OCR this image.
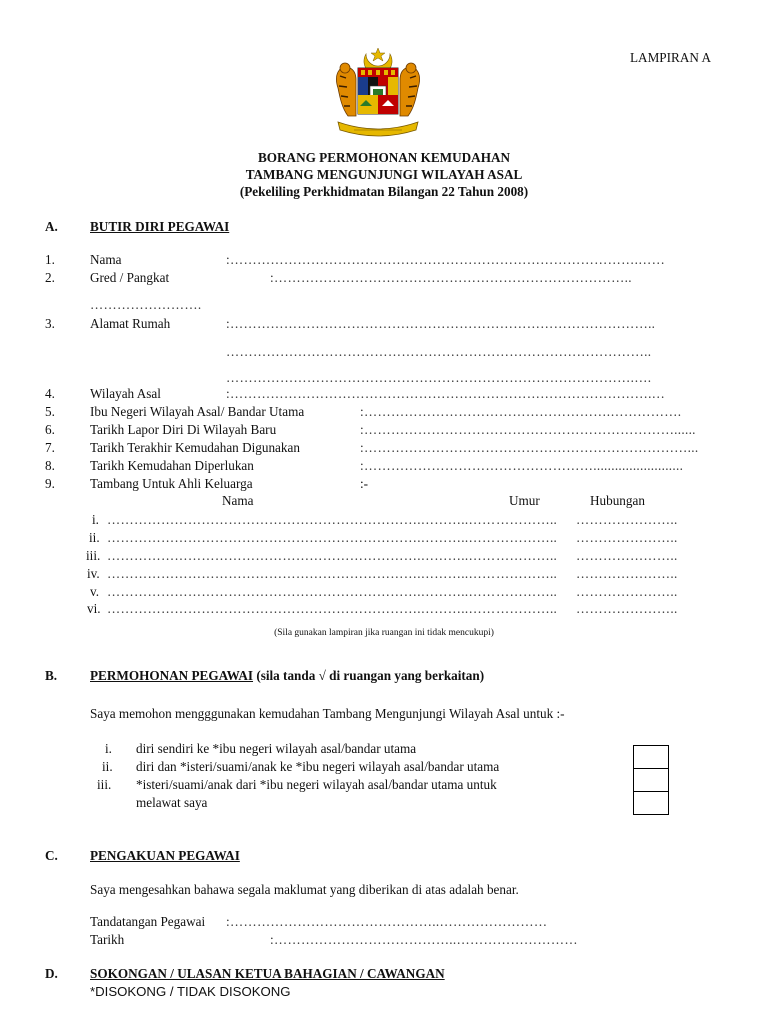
LAMPIRAN A
BORANG PERMOHONAN KEMUDAHAN
TAMBANG MENGUNJUNGI WILAYAH ASAL
(Pekeliling Perkhidmatan Bilangan 22 Tahun 2008)
A. BUTIR DIRI PEGAWAI
1.	Nama	:……………………………………………………………………………….……
2.	Gred / Pangkat	:……………………………………………………………………..
…………………….
3.	Alamat Rumah	:…………………………………………………………………………………..
…………………………………………………………………………………..
……………………………………………………………………………….….
4.	Wilayah Asal	:………………………………………………………………………………….…
5.	Ibu Negeri Wilayah Asal/ Bandar Utama	:……………………………………………….…………….
6.	Tarikh Lapor Diri Di Wilayah Baru	:……………………………………………………………......
7.	Tarikh Terakhir Kemudahan Digunakan	:………………………………………………………………...
8.	Tarikh Kemudahan Diperlukan	:…………………………………………….........................
9.	Tambang Untuk Ahli Keluarga	:-
Nama	Umur	Hubungan
i. …………………………………………………………….………..…… ………….. …………………..
ii. …………………………………………………………….………..…… ………….. …………………..
iii. …………………………………………………………….………..…… ………….. …………………..
iv. …………………………………………………………….………..…… ………….. …………………..
v. …………………………………………………………….………..…… ………….. …………………..
vi. …………………………………………………………….………..…… ………….. …………………..
(Sila gunakan lampiran jika ruangan ini tidak mencukupi)
B. PERMOHONAN PEGAWAI (sila tanda √ di ruangan yang berkaitan)
Saya memohon mengggunakan kemudahan Tambang Mengunjungi Wilayah Asal untuk :-
i. diri sendiri ke *ibu negeri wilayah asal/bandar utama
ii. diri dan *isteri/suami/anak ke *ibu negeri wilayah asal/bandar utama
iii. *isteri/suami/anak dari *ibu negeri wilayah asal/bandar utama untuk
melawat saya
C. PENGAKUAN PEGAWAI
Saya mengesahkan bahawa segala maklumat yang diberikan di atas adalah benar.
Tandatangan Pegawai :………………………………………..……………………
Tarikh	:…………………………………..………………………
D. SOKONGAN / ULASAN KETUA BAHAGIAN / CAWANGAN
*DISOKONG / TIDAK DISOKONG
